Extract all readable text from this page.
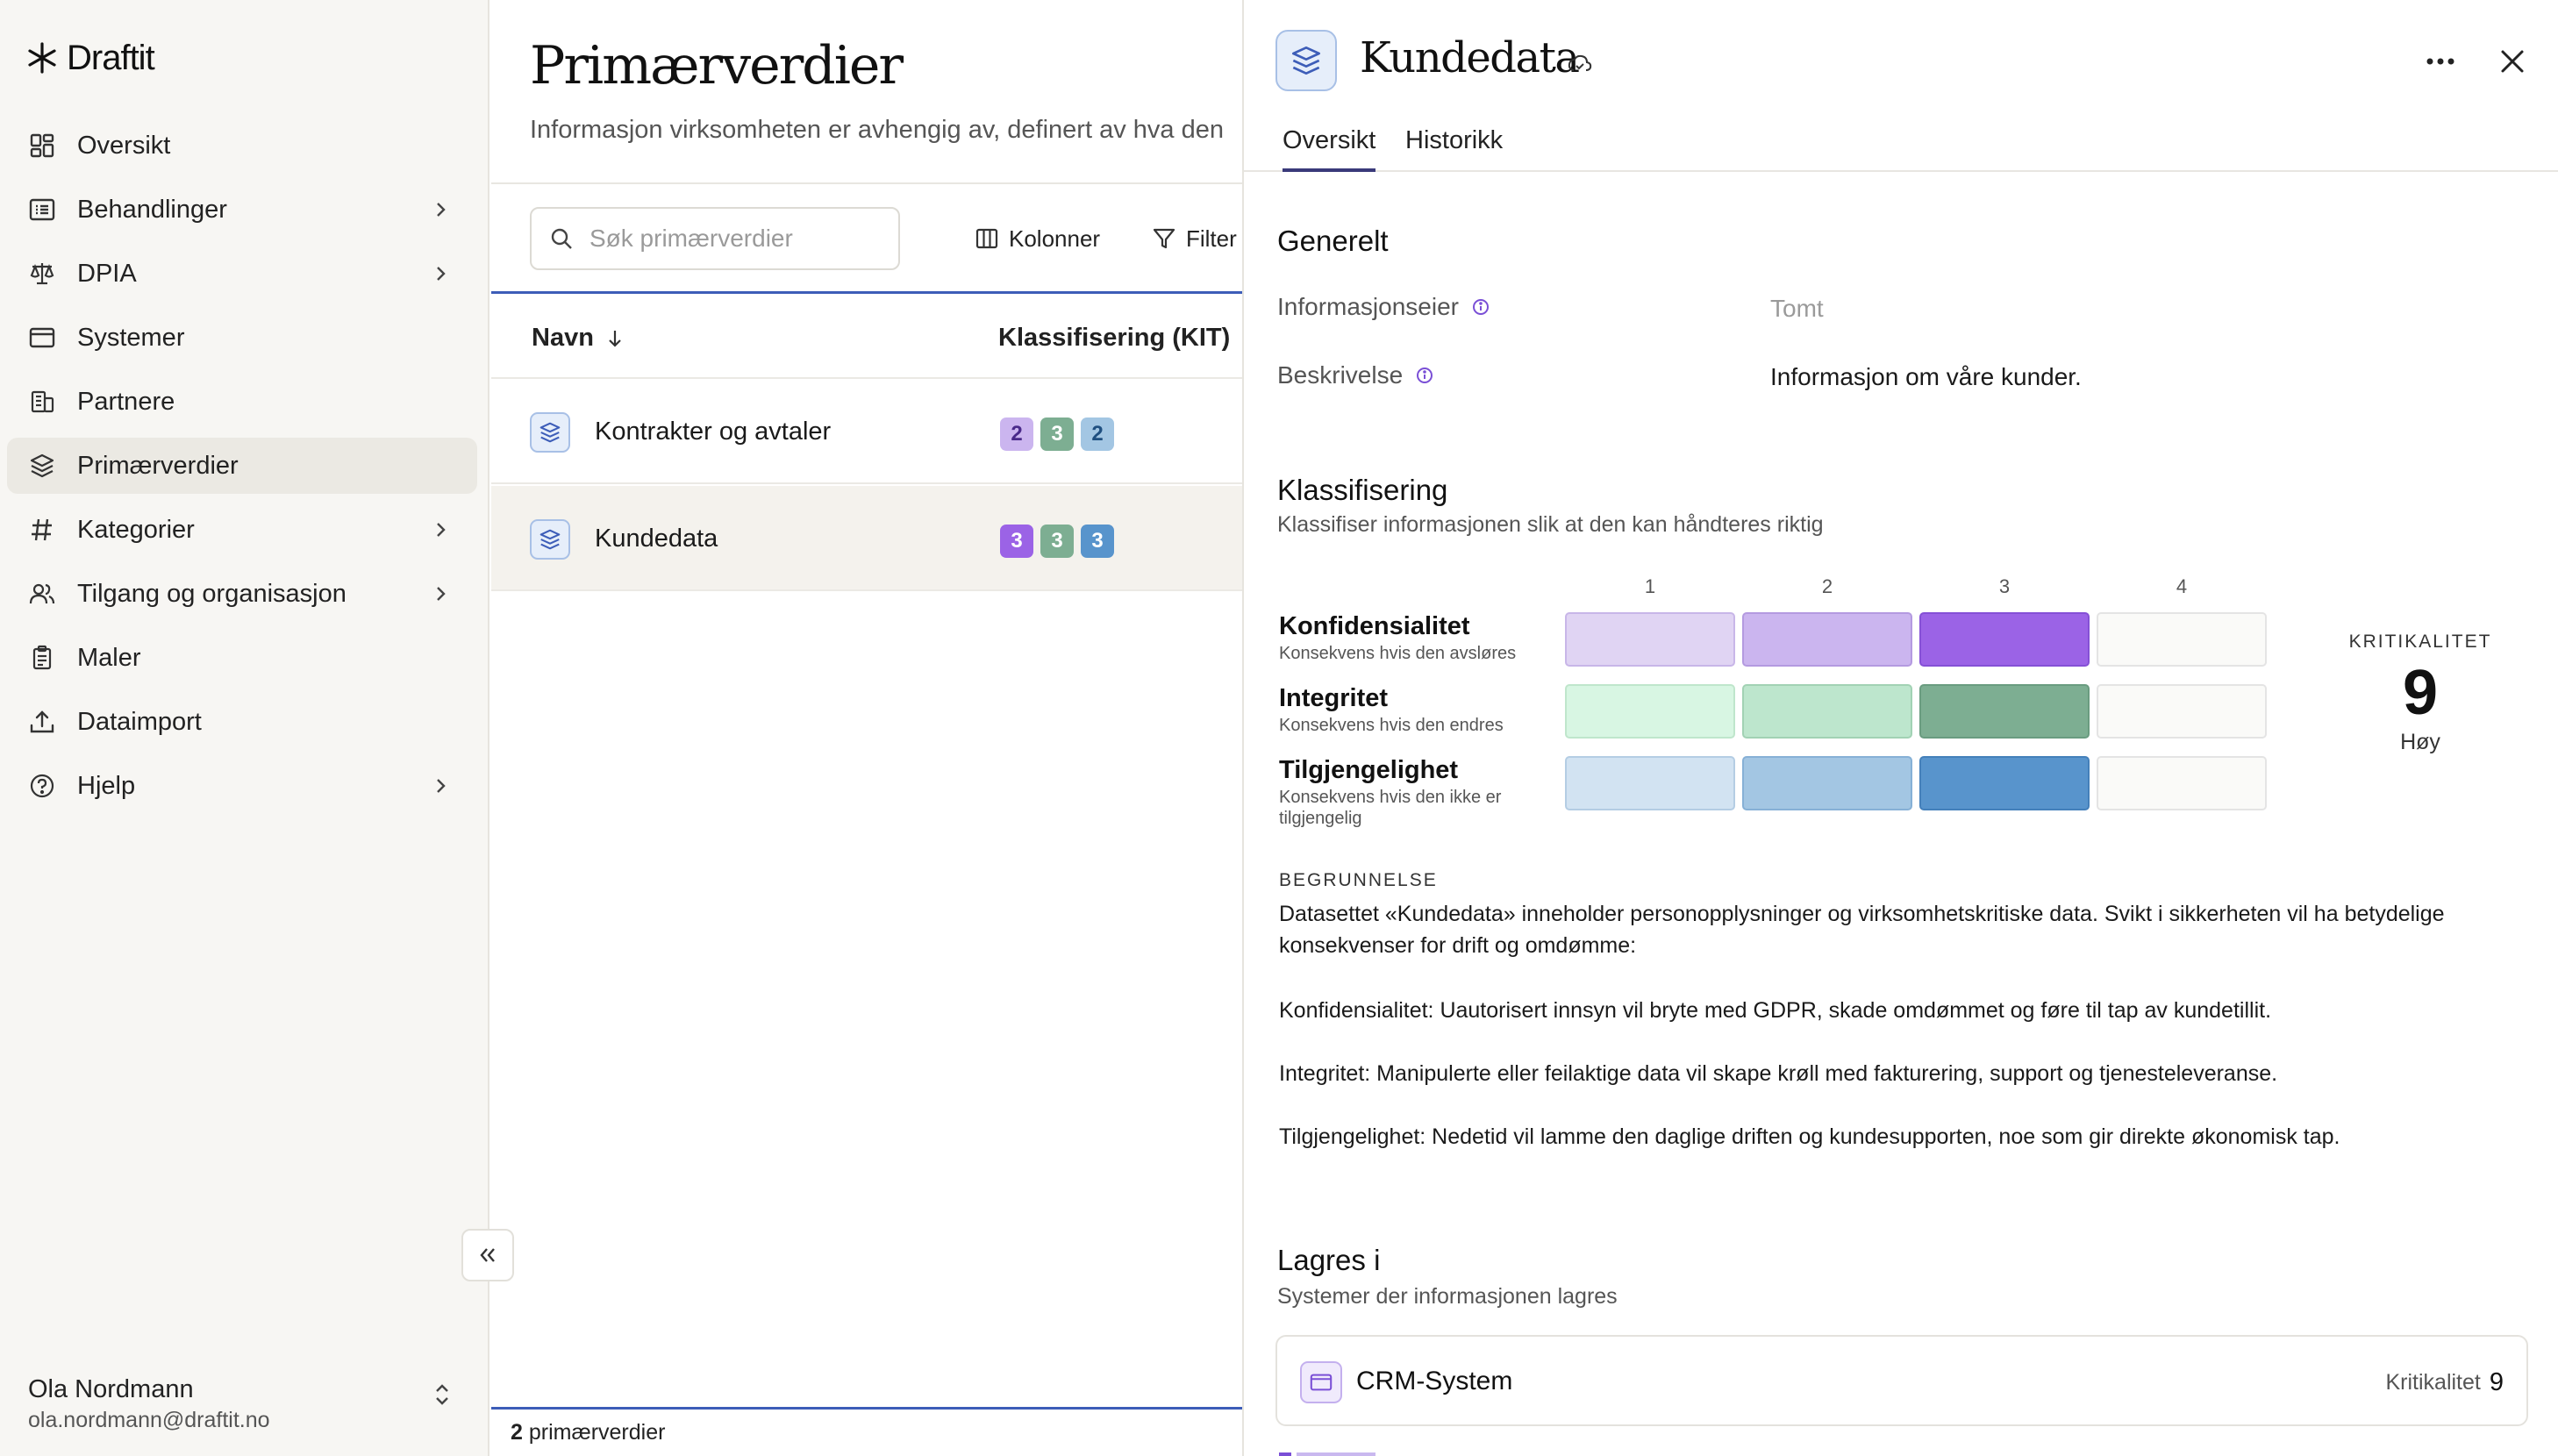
Draftit
Oversikt
Behandlinger
DPIA
Systemer
Partnere
Primærverdier
Kategorier
Tilgang og organisasjon
Maler
Dataimport
Hjelp
Ola Nordmann
ola.nordmann@draftit.no
Primærverdier
Informasjon virksomheten er avhengig av, definert av hva den
Søk primærverdier
Kolonner	Filter
Navn	Klassifisering (KIT)
Kontrakter og avtaler	2	3	2
Kundedata	3	3	3
2 primærverdier
Kundedata
Oversikt Historikk
Generelt
Informasjonseier	Tomt
Beskrivelse	Informasjon om våre kunder.
Klassifisering
Klassifiser informasjonen slik at den kan håndteres riktig
1	2	3	4
Konfidensialitet
Konsekvens hvis den avsløres
Integritet
Konsekvens hvis den endres
Tilgjengelighet
Konsekvens hvis den ikke er tilgjengelig
KRITIKALITET
9
Høy
BEGRUNNELSE
Datasettet «Kundedata» inneholder personopplysninger og virksomhetskritiske data. Svikt i sikkerheten vil ha betydelige konsekvenser for drift og omdømme:
Konfidensialitet: Uautorisert innsyn vil bryte med GDPR, skade omdømmet og føre til tap av kundetillit.
Integritet: Manipulerte eller feilaktige data vil skape krøll med fakturering, support og tjenesteleveranse.
Tilgjengelighet: Nedetid vil lamme den daglige driften og kundesupporten, noe som gir direkte økonomisk tap.
Lagres i
Systemer der informasjonen lagres
CRM-System	Kritikalitet 9
